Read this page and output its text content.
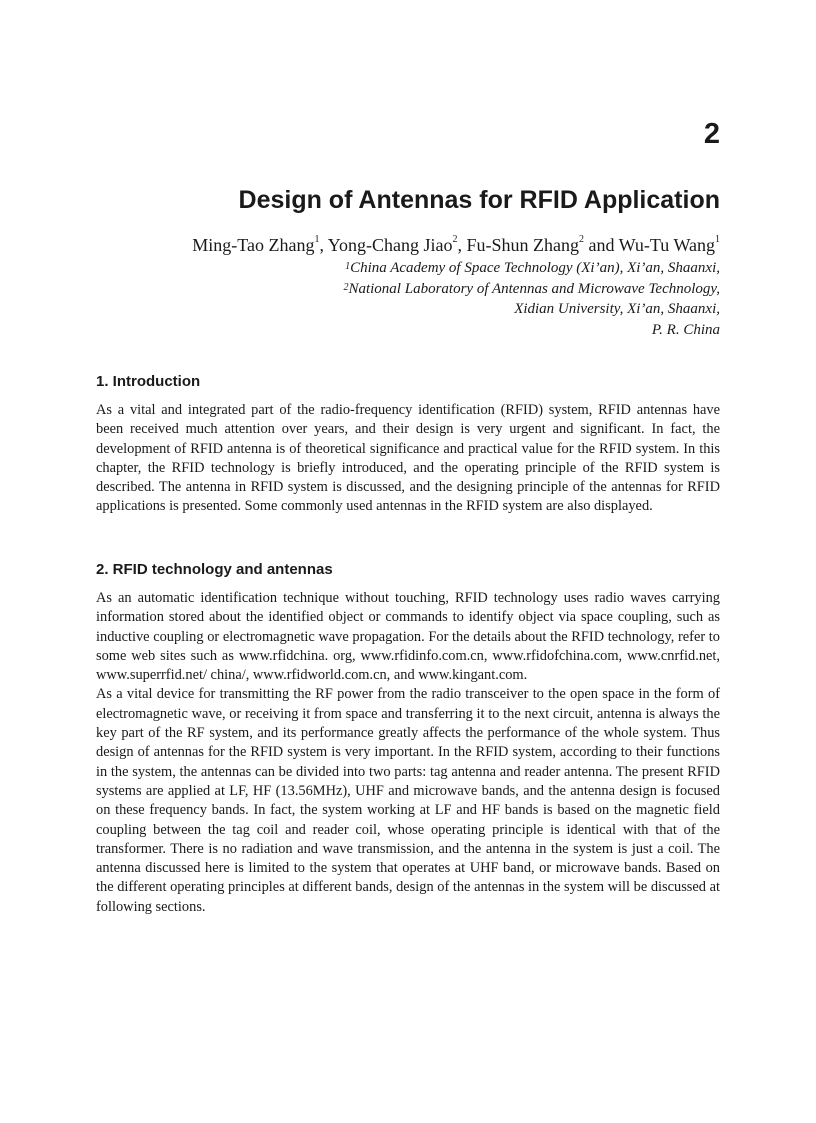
2
Design of Antennas for RFID Application
Ming-Tao Zhang$^1$, Yong-Chang Jiao$^2$, Fu-Shun Zhang$^2$ and Wu-Tu Wang$^1$
$^1$China Academy of Space Technology (Xi’an), Xi’an, Shaanxi,
$^2$National Laboratory of Antennas and Microwave Technology,
Xidian University, Xi’an, Shaanxi,
P. R. China
1. Introduction

As a vital and integrated part of the radio-frequency identification (RFID) system, RFID antennas have been received much attention over years, and their design is very urgent and significant. In fact, the development of RFID antenna is of theoretical significance and practical value for the RFID system. In this chapter, the RFID technology is briefly introduced, and the operating principle of the RFID system is described. The antenna in RFID system is discussed, and the designing principle of the antennas for RFID applications is presented. Some commonly used antennas in the RFID system are also displayed.

2. RFID technology and antennas

As an automatic identification technique without touching, RFID technology uses radio waves carrying information stored about the identified object or commands to identify object via space coupling, such as inductive coupling or electromagnetic wave propagation. For the details about the RFID technology, refer to some web sites such as www.rfidchina. org, www.rfidinfo.com.cn, www.rfidofchina.com, www.cnrfid.net, www.superrfid.net/ china/, www.rfidworld.com.cn, and www.kingant.com.

As a vital device for transmitting the RF power from the radio transceiver to the open space in the form of electromagnetic wave, or receiving it from space and transferring it to the next circuit, antenna is always the key part of the RF system, and its performance greatly affects the performance of the whole system. Thus design of antennas for the RFID system is very important. In the RFID system, according to their functions in the system, the antennas can be divided into two parts: tag antenna and reader antenna. The present RFID systems are applied at LF, HF (13.56MHz), UHF and microwave bands, and the antenna design is focused on these frequency bands. In fact, the system working at LF and HF bands is based on the magnetic field coupling between the tag coil and reader coil, whose operating principle is identical with that of the transformer. There is no radiation and wave transmission, and the antenna in the system is just a coil. The antenna discussed here is limited to the system that operates at UHF band, or microwave bands. Based on the different operating principles at different bands, design of the antennas in the system will be discussed at following sections.
